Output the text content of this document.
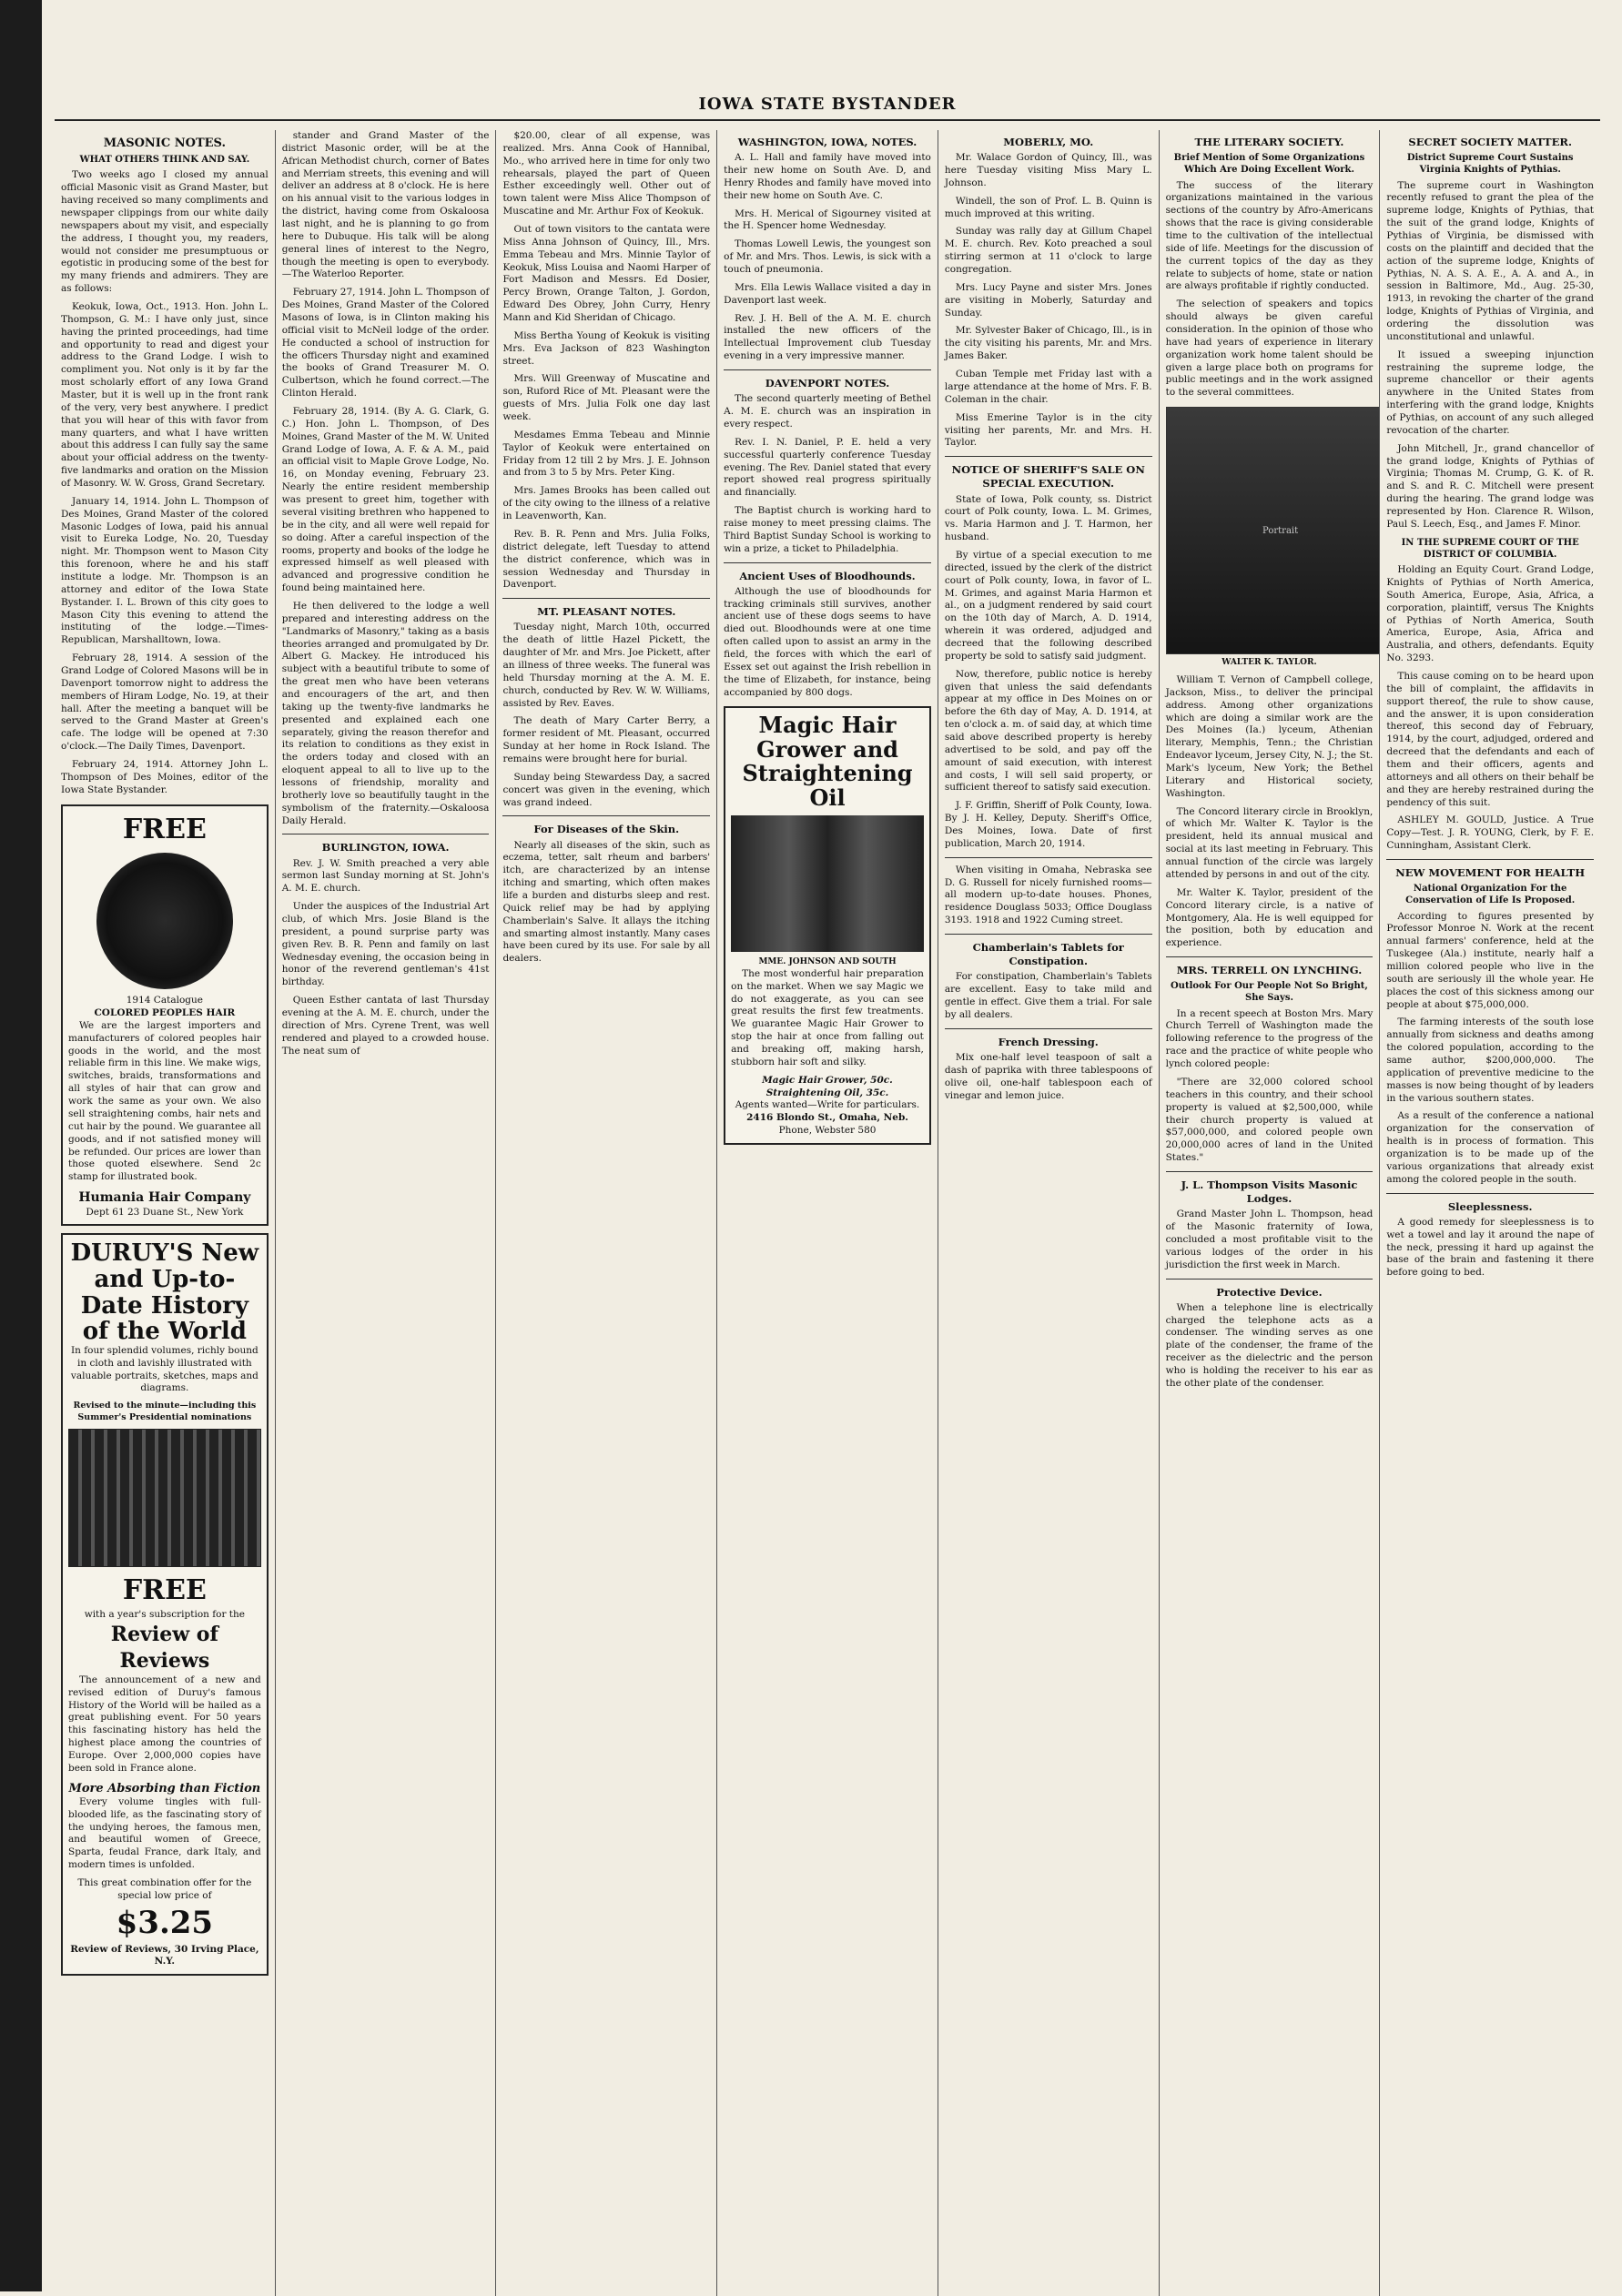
IOWA STATE BYSTANDER
MASONIC NOTES.
WHAT OTHERS THINK AND SAY.

Two weeks ago I closed my annual official Masonic visit as Grand Master, but having received so many compliments and newspaper clippings from our white daily newspapers about my visit, and especially the address, I thought you, my readers, would not consider me presumptuous or egotistic in producing some of the best for my many friends and admirers. They are as follows:

Keokuk, Iowa, Oct., 1913. Hon. John L. Thompson, G. M.: I have only just, since having the printed proceedings, had time and opportunity to read and digest your address to the Grand Lodge. I wish to compliment you. Not only is it by far the most scholarly effort of any Iowa Grand Master, but it is well up in the front rank of the very, very best anywhere. I predict that you will hear of this with favor from many quarters, and what I have written about this address I can fully say the same about your official address on the twenty-five landmarks and oration on the Mission of Masonry. W. W. Gross, Grand Secretary.

January 14, 1914. John L. Thompson of Des Moines, Grand Master of the colored Masonic Lodges of Iowa, paid his annual visit to Eureka Lodge, No. 20, Tuesday night. Mr. Thompson went to Mason City this forenoon, where he and his staff institute a lodge. Mr. Thompson is an attorney and editor of the Iowa State Bystander. I. L. Brown of this city goes to Mason City this evening to attend the instituting of the lodge.—Times-Republican, Marshalltown, Iowa.

February 28, 1914. A session of the Grand Lodge of Colored Masons will be in Davenport tomorrow night to address the members of Hiram Lodge, No. 19, at their hall. After the meeting a banquet will be served to the Grand Master at Green's cafe. The lodge will be opened at 7:30 o'clock.—The Daily Times, Davenport.

February 24, 1914. Attorney John L. Thompson of Des Moines, editor of the Iowa State Bystander.

FREE
1914 Catalogue
COLORED PEOPLES HAIR

We are the largest importers and manufacturers of colored peoples hair goods in the world, and the most reliable firm in this line. We make wigs, switches, braids, transformations and all styles of hair that can grow and work the same as your own. We also sell straightening combs, hair nets and cut hair by the pound. We guarantee all goods, and if not satisfied money will be refunded. Our prices are lower than those quoted elsewhere. Send 2c stamp for illustrated book.

Humania Hair Company
Dept 61 23 Duane St., New York
DURUY'S New and Up-to-Date History of the World

In four splendid volumes, richly bound in cloth and lavishly illustrated with valuable portraits, sketches, maps and diagrams.

Revised to the minute—including this Summer's Presidential nominations
FREE
with a year's subscription for the
Review of Reviews

The announcement of a new and revised edition of Duruy's famous History of the World will be hailed as a great publishing event. For 50 years this fascinating history has held the highest place among the countries of Europe. Over 2,000,000 copies have been sold in France alone.

More Absorbing than Fiction

Every volume tingles with full-blooded life, as the fascinating story of the undying heroes, the famous men, and beautiful women of Greece, Sparta, feudal France, dark Italy, and modern times is unfolded.

This great combination offer for the special low price of
$3.25
Review of Reviews, 30 Irving Place, N.Y.

stander and Grand Master of the district Masonic order, will be at the African Methodist church, corner of Bates and Merriam streets, this evening and will deliver an address at 8 o'clock. He is here on his annual visit to the various lodges in the district, having come from Oskaloosa last night, and he is planning to go from here to Dubuque. His talk will be along general lines of interest to the Negro, though the meeting is open to everybody.—The Waterloo Reporter.

February 27, 1914. John L. Thompson of Des Moines, Grand Master of the Colored Masons of Iowa, is in Clinton making his official visit to McNeil lodge of the order. He conducted a school of instruction for the officers Thursday night and examined the books of Grand Treasurer M. O. Culbertson, which he found correct.—The Clinton Herald.

February 28, 1914. (By A. G. Clark, G. C.) Hon. John L. Thompson, of Des Moines, Grand Master of the M. W. United Grand Lodge of Iowa, A. F. & A. M., paid an official visit to Maple Grove Lodge, No. 16, on Monday evening, February 23. Nearly the entire resident membership was present to greet him, together with several visiting brethren who happened to be in the city, and all were well repaid for so doing. After a careful inspection of the rooms, property and books of the lodge he expressed himself as well pleased with advanced and progressive condition he found being maintained here.

He then delivered to the lodge a well prepared and interesting address on the "Landmarks of Masonry," taking as a basis theories arranged and promulgated by Dr. Albert G. Mackey. He introduced his subject with a beautiful tribute to some of the great men who have been veterans and encouragers of the art, and then taking up the twenty-five landmarks he presented and explained each one separately, giving the reason therefor and its relation to conditions as they exist in the orders today and closed with an eloquent appeal to all to live up to the lessons of friendship, morality and brotherly love so beautifully taught in the symbolism of the fraternity.—Oskaloosa Daily Herald.

BURLINGTON, IOWA.

Rev. J. W. Smith preached a very able sermon last Sunday morning at St. John's A. M. E. church.

Under the auspices of the Industrial Art club, of which Mrs. Josie Bland is the president, a pound surprise party was given Rev. B. R. Penn and family on last Wednesday evening, the occasion being in honor of the reverend gentleman's 41st birthday.

Queen Esther cantata of last Thursday evening at the A. M. E. church, under the direction of Mrs. Cyrene Trent, was well rendered and played to a crowded house. The neat sum of

$20.00, clear of all expense, was realized. Mrs. Anna Cook of Hannibal, Mo., who arrived here in time for only two rehearsals, played the part of Queen Esther exceedingly well. Other out of town talent were Miss Alice Thompson of Muscatine and Mr. Arthur Fox of Keokuk.

Out of town visitors to the cantata were Miss Anna Johnson of Quincy, Ill., Mrs. Emma Tebeau and Mrs. Minnie Taylor of Keokuk, Miss Louisa and Naomi Harper of Fort Madison and Messrs. Ed Dosier, Percy Brown, Orange Talton, J. Gordon, Edward Des Obrey, John Curry, Henry Mann and Kid Sheridan of Chicago.

Miss Bertha Young of Keokuk is visiting Mrs. Eva Jackson of 823 Washington street.

Mrs. Will Greenway of Muscatine and son, Ruford Rice of Mt. Pleasant were the guests of Mrs. Julia Folk one day last week.

Mesdames Emma Tebeau and Minnie Taylor of Keokuk were entertained on Friday from 12 till 2 by Mrs. J. E. Johnson and from 3 to 5 by Mrs. Peter King.

Mrs. James Brooks has been called out of the city owing to the illness of a relative in Leavenworth, Kan.

Rev. B. R. Penn and Mrs. Julia Folks, district delegate, left Tuesday to attend the district conference, which was in session Wednesday and Thursday in Davenport.

MT. PLEASANT NOTES.

Tuesday night, March 10th, occurred the death of little Hazel Pickett, the daughter of Mr. and Mrs. Joe Pickett, after an illness of three weeks. The funeral was held Thursday morning at the A. M. E. church, conducted by Rev. W. W. Williams, assisted by Rev. Eaves.

The death of Mary Carter Berry, a former resident of Mt. Pleasant, occurred Sunday at her home in Rock Island. The remains were brought here for burial.

Sunday being Stewardess Day, a sacred concert was given in the evening, which was grand indeed.

For Diseases of the Skin.

Nearly all diseases of the skin, such as eczema, tetter, salt rheum and barbers' itch, are characterized by an intense itching and smarting, which often makes life a burden and disturbs sleep and rest. Quick relief may be had by applying Chamberlain's Salve. It allays the itching and smarting almost instantly. Many cases have been cured by its use. For sale by all dealers.

WASHINGTON, IOWA, NOTES.

A. L. Hall and family have moved into their new home on South Ave. D, and Henry Rhodes and family have moved into their new home on South Ave. C.

Mrs. H. Merical of Sigourney visited at the H. Spencer home Wednesday.

Thomas Lowell Lewis, the youngest son of Mr. and Mrs. Thos. Lewis, is sick with a touch of pneumonia.

Mrs. Ella Lewis Wallace visited a day in Davenport last week.

Rev. J. H. Bell of the A. M. E. church installed the new officers of the Intellectual Improvement club Tuesday evening in a very impressive manner.

DAVENPORT NOTES.

The second quarterly meeting of Bethel A. M. E. church was an inspiration in every respect.

Rev. I. N. Daniel, P. E. held a very successful quarterly conference Tuesday evening. The Rev. Daniel stated that every report showed real progress spiritually and financially.

The Baptist church is working hard to raise money to meet pressing claims. The Third Baptist Sunday School is working to win a prize, a ticket to Philadelphia.

Ancient Uses of Bloodhounds.

Although the use of bloodhounds for tracking criminals still survives, another ancient use of these dogs seems to have died out. Bloodhounds were at one time often called upon to assist an army in the field, the forces with which the earl of Essex set out against the Irish rebellion in the time of Elizabeth, for instance, being accompanied by 800 dogs.

Magic Hair Grower and Straightening Oil
MME. JOHNSON AND SOUTH

The most wonderful hair preparation on the market. When we say Magic we do not exaggerate, as you can see great results the first few treatments. We guarantee Magic Hair Grower to stop the hair at once from falling out and breaking off, making harsh, stubborn hair soft and silky.

Magic Hair Grower, 50c. Straightening Oil, 35c.
Agents wanted—Write for particulars.
2416 Blondo St., Omaha, Neb.
Phone, Webster 580
MOBERLY, MO.

Mr. Walace Gordon of Quincy, Ill., was here Tuesday visiting Miss Mary L. Johnson.

Windell, the son of Prof. L. B. Quinn is much improved at this writing.

Sunday was rally day at Gillum Chapel M. E. church. Rev. Koto preached a soul stirring sermon at 11 o'clock to large congregation.

Mrs. Lucy Payne and sister Mrs. Jones are visiting in Moberly, Saturday and Sunday.

Mr. Sylvester Baker of Chicago, Ill., is in the city visiting his parents, Mr. and Mrs. James Baker.

Cuban Temple met Friday last with a large attendance at the home of Mrs. F. B. Coleman in the chair.

Miss Emerine Taylor is in the city visiting her parents, Mr. and Mrs. H. Taylor.

NOTICE OF SHERIFF'S SALE ON SPECIAL EXECUTION.

State of Iowa, Polk county, ss. District court of Polk county, Iowa. L. M. Grimes, vs. Maria Harmon and J. T. Harmon, her husband.

By virtue of a special execution to me directed, issued by the clerk of the district court of Polk county, Iowa, in favor of L. M. Grimes, and against Maria Harmon et al., on a judgment rendered by said court on the 10th day of March, A. D. 1914, wherein it was ordered, adjudged and decreed that the following described property be sold to satisfy said judgment.

Now, therefore, public notice is hereby given that unless the said defendants appear at my office in Des Moines on or before the 6th day of May, A. D. 1914, at ten o'clock a. m. of said day, at which time said above described property is hereby advertised to be sold, and pay off the amount of said execution, with interest and costs, I will sell said property, or sufficient thereof to satisfy said execution.

J. F. Griffin, Sheriff of Polk County, Iowa. By J. H. Kelley, Deputy. Sheriff's Office, Des Moines, Iowa. Date of first publication, March 20, 1914.

When visiting in Omaha, Nebraska see D. G. Russell for nicely furnished rooms—all modern up-to-date houses. Phones, residence Douglass 5033; Office Douglass 3193. 1918 and 1922 Cuming street.

Chamberlain's Tablets for Constipation.

For constipation, Chamberlain's Tablets are excellent. Easy to take mild and gentle in effect. Give them a trial. For sale by all dealers.

French Dressing.

Mix one-half level teaspoon of salt a dash of paprika with three tablespoons of olive oil, one-half tablespoon each of vinegar and lemon juice.

THE LITERARY SOCIETY.
Brief Mention of Some Organizations Which Are Doing Excellent Work.

The success of the literary organizations maintained in the various sections of the country by Afro-Americans shows that the race is giving considerable time to the cultivation of the intellectual side of life. Meetings for the discussion of the current topics of the day as they relate to subjects of home, state or nation are always profitable if rightly conducted.

The selection of speakers and topics should always be given careful consideration. In the opinion of those who have had years of experience in literary organization work home talent should be given a large place both on programs for public meetings and in the work assigned to the several committees.

Portrait
WALTER K. TAYLOR.

William T. Vernon of Campbell college, Jackson, Miss., to deliver the principal address. Among other organizations which are doing a similar work are the Des Moines (Ia.) lyceum, Athenian literary, Memphis, Tenn.; the Christian Endeavor lyceum, Jersey City, N. J.; the St. Mark's lyceum, New York; the Bethel Literary and Historical society, Washington.

The Concord literary circle in Brooklyn, of which Mr. Walter K. Taylor is the president, held its annual musical and social at its last meeting in February. This annual function of the circle was largely attended by persons in and out of the city.

Mr. Walter K. Taylor, president of the Concord literary circle, is a native of Montgomery, Ala. He is well equipped for the position, both by education and experience.

MRS. TERRELL ON LYNCHING.
Outlook For Our People Not So Bright, She Says.

In a recent speech at Boston Mrs. Mary Church Terrell of Washington made the following reference to the progress of the race and the practice of white people who lynch colored people:

"There are 32,000 colored school teachers in this country, and their school property is valued at $2,500,000, while their church property is valued at $57,000,000, and colored people own 20,000,000 acres of land in the United States."

J. L. Thompson Visits Masonic Lodges.

Grand Master John L. Thompson, head of the Masonic fraternity of Iowa, concluded a most profitable visit to the various lodges of the order in his jurisdiction the first week in March.

Protective Device.

When a telephone line is electrically charged the telephone acts as a condenser. The winding serves as one plate of the condenser, the frame of the receiver as the dielectric and the person who is holding the receiver to his ear as the other plate of the condenser.

SECRET SOCIETY MATTER.
District Supreme Court Sustains Virginia Knights of Pythias.

The supreme court in Washington recently refused to grant the plea of the supreme lodge, Knights of Pythias, that the suit of the grand lodge, Knights of Pythias of Virginia, be dismissed with costs on the plaintiff and decided that the action of the supreme lodge, Knights of Pythias, N. A. S. A. E., A. A. and A., in session in Baltimore, Md., Aug. 25-30, 1913, in revoking the charter of the grand lodge, Knights of Pythias of Virginia, and ordering the dissolution was unconstitutional and unlawful.

It issued a sweeping injunction restraining the supreme lodge, the supreme chancellor or their agents anywhere in the United States from interfering with the grand lodge, Knights of Pythias, on account of any such alleged revocation of the charter.

John Mitchell, Jr., grand chancellor of the grand lodge, Knights of Pythias of Virginia; Thomas M. Crump, G. K. of R. and S. and R. C. Mitchell were present during the hearing. The grand lodge was represented by Hon. Clarence R. Wilson, Paul S. Leech, Esq., and James F. Minor.

IN THE SUPREME COURT OF THE DISTRICT OF COLUMBIA.

Holding an Equity Court. Grand Lodge, Knights of Pythias of North America, South America, Europe, Asia, Africa, a corporation, plaintiff, versus The Knights of Pythias of North America, South America, Europe, Asia, Africa and Australia, and others, defendants. Equity No. 3293.

This cause coming on to be heard upon the bill of complaint, the affidavits in support thereof, the rule to show cause, and the answer, it is upon consideration thereof, this second day of February, 1914, by the court, adjudged, ordered and decreed that the defendants and each of them and their officers, agents and attorneys and all others on their behalf be and they are hereby restrained during the pendency of this suit.

ASHLEY M. GOULD, Justice. A True Copy—Test. J. R. YOUNG, Clerk, by F. E. Cunningham, Assistant Clerk.

NEW MOVEMENT FOR HEALTH
National Organization For the Conservation of Life Is Proposed.

According to figures presented by Professor Monroe N. Work at the recent annual farmers' conference, held at the Tuskegee (Ala.) institute, nearly half a million colored people who live in the south are seriously ill the whole year. He places the cost of this sickness among our people at about $75,000,000.

The farming interests of the south lose annually from sickness and deaths among the colored population, according to the same author, $200,000,000. The application of preventive medicine to the masses is now being thought of by leaders in the various southern states.

As a result of the conference a national organization for the conservation of health is in process of formation. This organization is to be made up of the various organizations that already exist among the colored people in the south.

Sleeplessness.

A good remedy for sleeplessness is to wet a towel and lay it around the nape of the neck, pressing it hard up against the base of the brain and fastening it there before going to bed.
